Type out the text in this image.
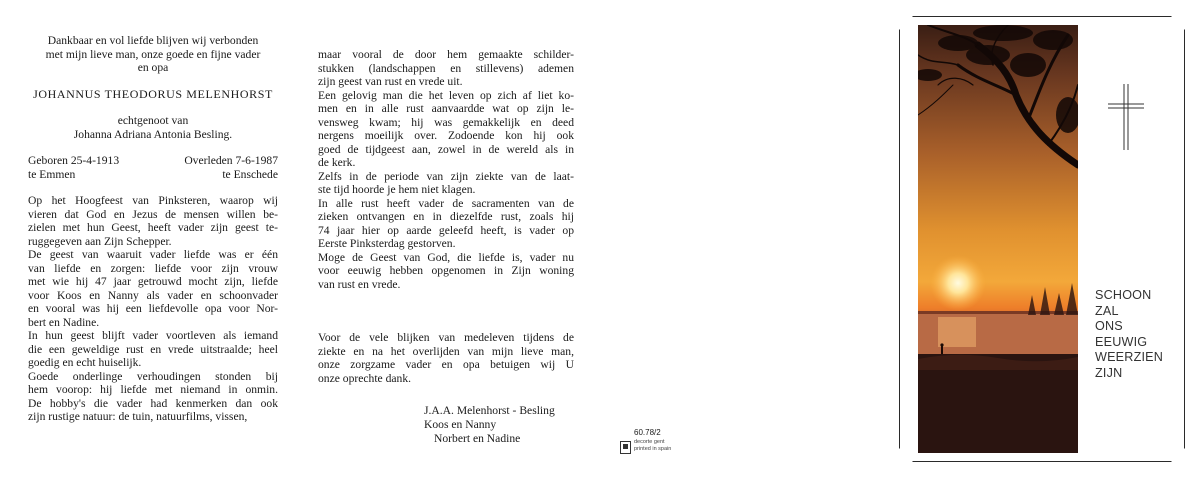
Dankbaar en vol liefde blijven wij verbonden

met mijn lieve man, onze goede en fijne vader

en opa

JOHANNUS THEODORUS MELENHORST

echtgenoot van

Johanna Adriana Antonia Besling.

Geboren 25-4-1913	Overleden 7-6-1987
te Emmen	te Enschede

Op het Hoogfeest van Pinksteren, waarop wij

vieren dat God en Jezus de mensen willen be-

zielen met hun Geest, heeft vader zijn geest te-

ruggegeven aan Zijn Schepper.

De geest van waaruit vader liefde was er één

van liefde en zorgen: liefde voor zijn vrouw

met wie hij 47 jaar getrouwd mocht zijn, liefde

voor Koos en Nanny als vader en schoonvader

en vooral was hij een liefdevolle opa voor Nor-

bert en Nadine.

In hun geest blijft vader voortleven als iemand

die een geweldige rust en vrede uitstraalde; heel

goedig en echt huiselijk.

Goede onderlinge verhoudingen stonden bij

hem voorop: hij liefde met niemand in onmin.

De hobby's die vader had kenmerken dan ook

zijn rustige natuur: de tuin, natuurfilms, vissen,

maar vooral de door hem gemaakte schilder-

stukken (landschappen en stillevens) ademen

zijn geest van rust en vrede uit.

Een gelovig man die het leven op zich af liet ko-

men en in alle rust aanvaardde wat op zijn le-

vensweg kwam; hij was gemakkelijk en deed

nergens moeilijk over. Zodoende kon hij ook

goed de tijdgeest aan, zowel in de wereld als in

de kerk.

Zelfs in de periode van zijn ziekte van de laat-

ste tijd hoorde je hem niet klagen.

In alle rust heeft vader de sacramenten van de

zieken ontvangen en in diezelfde rust, zoals hij

74 jaar hier op aarde geleefd heeft, is vader op

Eerste Pinksterdag gestorven.

Moge de Geest van God, die liefde is, vader nu

voor eeuwig hebben opgenomen in Zijn woning

van rust en vrede.

Voor de vele blijken van medeleven tijdens de

ziekte en na het overlijden van mijn lieve man,

onze zorgzame vader en opa betuigen wij U

onze oprechte dank.

J.A.A. Melenhorst - Besling

Koos en Nanny

Norbert en Nadine	60.78/2
decorte gent
printed in spain
SCHOON
ZAL
ONS
EEUWIG
WEERZIEN
ZIJN
